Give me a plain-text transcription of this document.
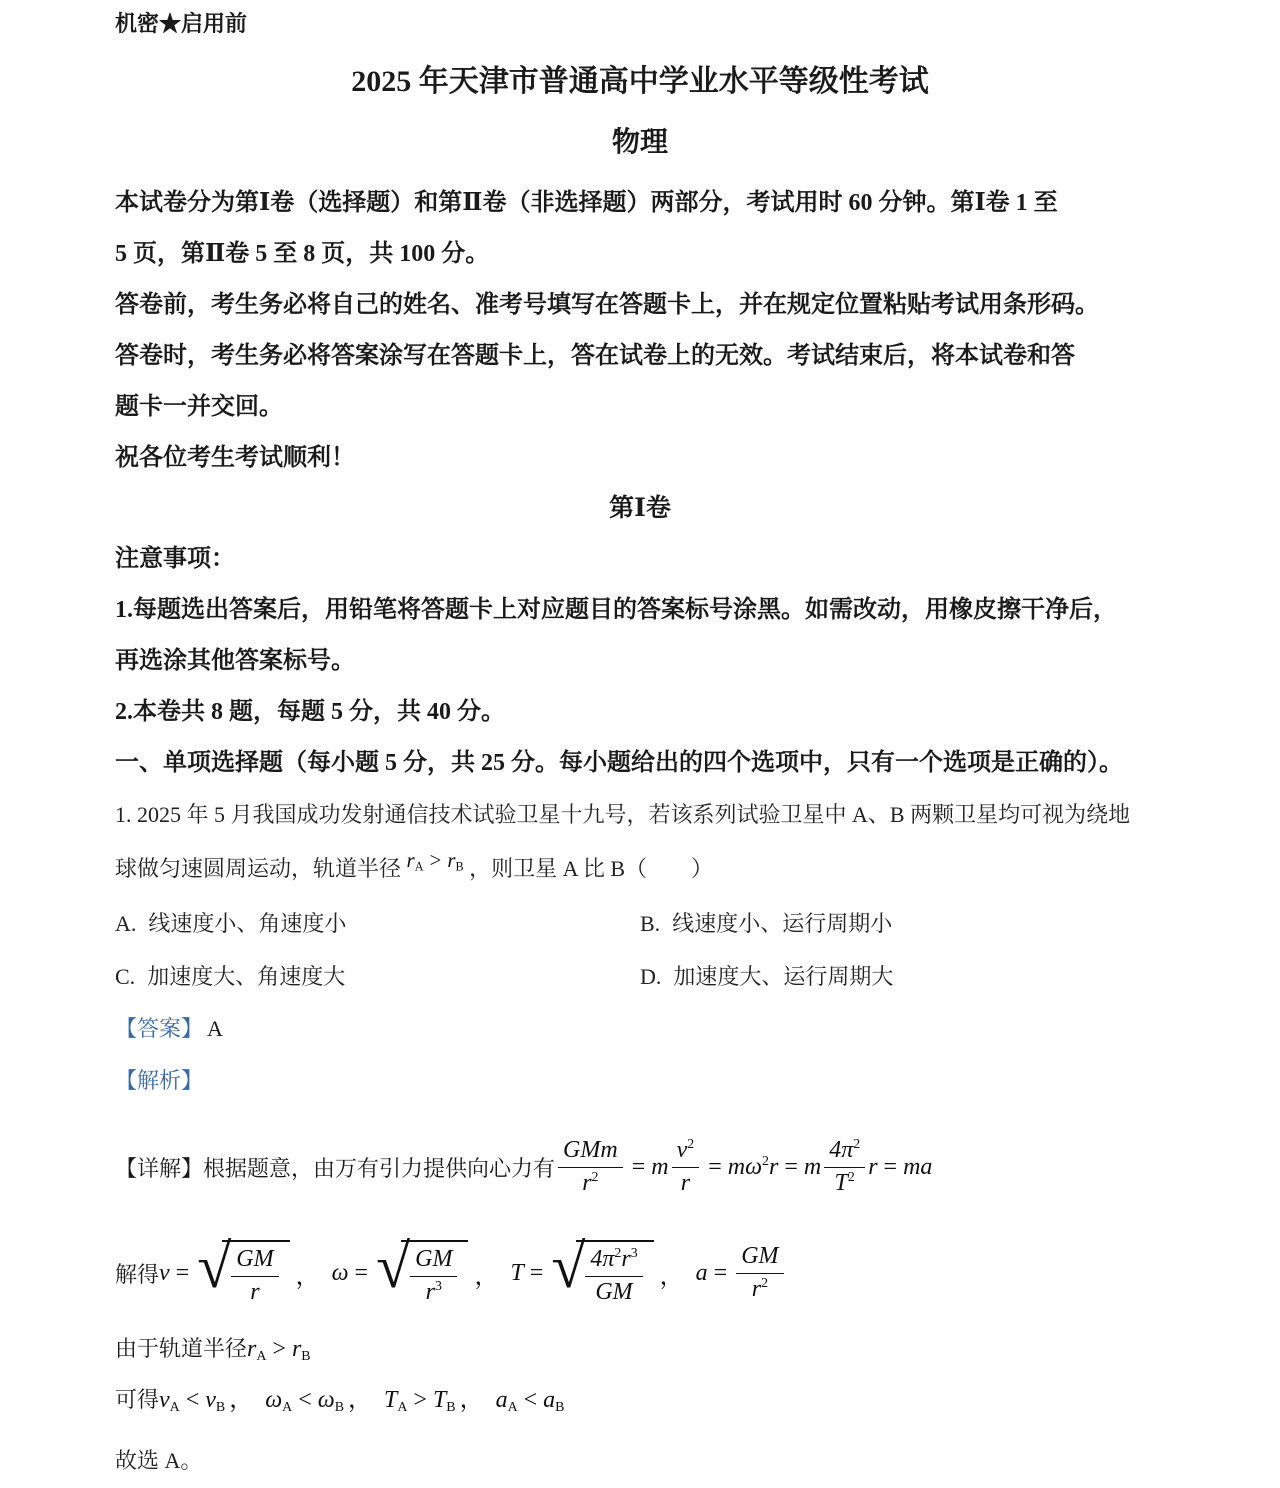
机密★启用前

2025 年天津市普通高中学业水平等级性考试
物理

本试卷分为第Ⅰ卷（选择题）和第Ⅱ卷（非选择题）两部分，考试用时 60 分钟。第Ⅰ卷 1 至

5 页，第Ⅱ卷 5 至 8 页，共 100 分。

答卷前，考生务必将自己的姓名、准考号填写在答题卡上，并在规定位置粘贴考试用条形码。

答卷时，考生务必将答案涂写在答题卡上，答在试卷上的无效。考试结束后，将本试卷和答

题卡一并交回。

祝各位考生考试顺利！

第Ⅰ卷

注意事项：

1.每题选出答案后，用铅笔将答题卡上对应题目的答案标号涂黑。如需改动，用橡皮擦干净后，

再选涂其他答案标号。

2.本卷共 8 题，每题 5 分，共 40 分。

一、单项选择题（每小题 5 分，共 25 分。每小题给出的四个选项中，只有一个选项是正确的）。

1. 2025 年 5 月我国成功发射通信技术试验卫星十九号，若该系列试验卫星中 A、B 两颗卫星均可视为绕地

球做匀速圆周运动，轨道半径 $r_A > r_B$ ，则卫星 A 比 B（　　）

A. 线速度小、角速度小	B. 线速度小、运行周期小
C. 加速度大、角速度大	D. 加速度大、运行周期大

【答案】 A

【解析】

【详解】 根据题意，由万有引力提供向心力有 $\frac{\text{GMm}}{r^2} = m \frac{v^2}{r} = m\omega^2r = m \frac{4\pi^2}{T^2}$ r = ma
解得 v = √ $\frac{GM}{r}$ ， ω = √ $\frac{GM}{r^3}$ ， T = √ $\frac{4\pi^2r^3}{GM}$ ， $a = \frac{GM}{r^2}$
由于轨道半径 $r_A > r_B$
可得 $v_A < v_B$ ， $\omega_A < \omega_B$ ， $T_A > T_B$ ， $a_A < a_B$

故选 A。
